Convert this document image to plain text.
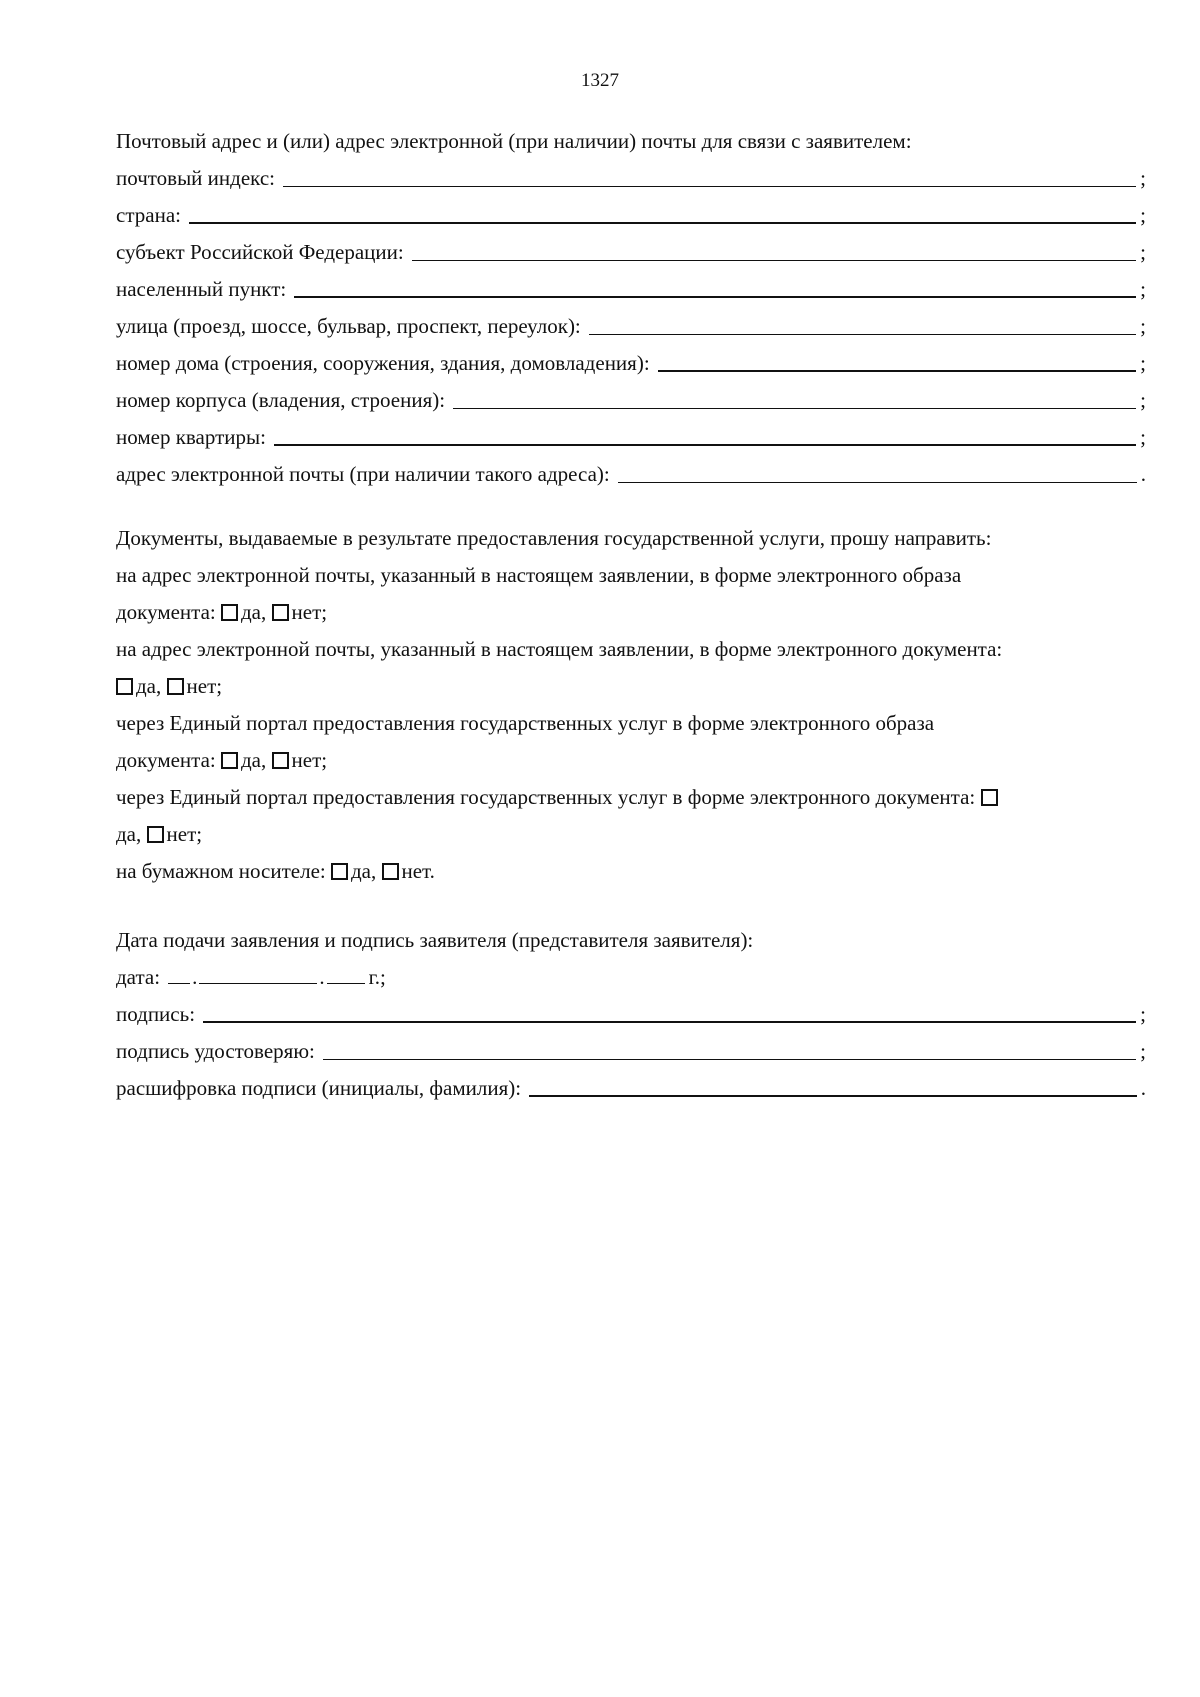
1327
Почтовый адрес и (или) адрес электронной (при наличии) почты для связи с заявителем:
почтовый индекс:	;
страна:	;
субъект Российской Федерации:	;
населенный пункт:	;
улица (проезд, шоссе, бульвар, проспект, переулок):	;
номер дома (строения, сооружения, здания, домовладения):	;
номер корпуса (владения, строения):	;
номер квартиры:	;
адрес электронной почты (при наличии такого адреса):	.

Документы, выдаваемые в результате предоставления государственной услуги, прошу направить:

на адрес электронной почты, указанный в настоящем заявлении, в форме электронного образа
документа: да, нет;

на адрес электронной почты, указанный в настоящем заявлении, в форме электронного документа:
да, нет;

через Единый портал предоставления государственных услуг в форме электронного образа
документа: да, нет;

через Единый портал предоставления государственных услуг в форме электронного документа:
да, нет;

на бумажном носителе: да, нет.

Дата подачи заявления и подпись заявителя (представителя заявителя):
дата: .	. г.;
подпись:	;
подпись удостоверяю:	;
расшифровка подписи (инициалы, фамилия):	.
